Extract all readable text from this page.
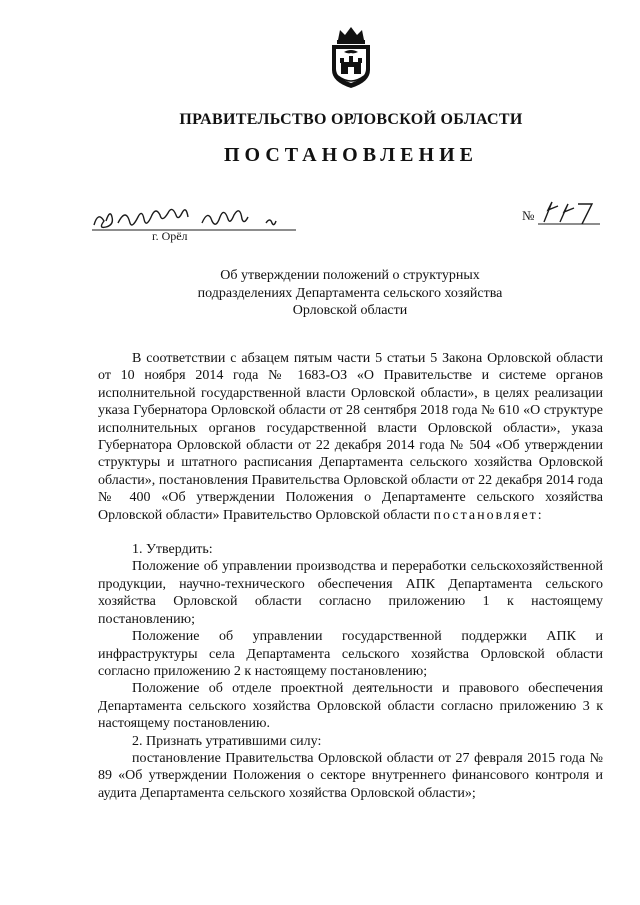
ПРАВИТЕЛЬСТВО ОРЛОВСКОЙ ОБЛАСТИ
ПОСТАНОВЛЕНИЕ
г. Орёл
№
Об утверждении положений о структурных
подразделениях Департамента сельского хозяйства
Орловской области

В соответствии с абзацем пятым части 5 статьи 5 Закона Орловской области от 10 ноября 2014 года № 1683-ОЗ «О Правительстве и системе органов исполнительной государственной власти Орловской области», в целях реализации указа Губернатора Орловской области от 28 сентября 2018 года № 610 «О структуре исполнительных органов государственной власти Орловской области», указа Губернатора Орловской области от 22 декабря 2014 года № 504 «Об утверждении структуры и штатного расписания Департамента сельского хозяйства Орловской области», постановления Правительства Орловской области от 22 декабря 2014 года № 400 «Об утверждении Положения о Департаменте сельского хозяйства Орловской области» Правительство Орловской области постановляет:

1. Утвердить:

Положение об управлении производства и переработки сельскохозяйственной продукции, научно-технического обеспечения АПК Департамента сельского хозяйства Орловской области согласно приложению 1 к настоящему постановлению;

Положение об управлении государственной поддержки АПК и инфраструктуры села Департамента сельского хозяйства Орловской области согласно приложению 2 к настоящему постановлению;

Положение об отделе проектной деятельности и правового обеспечения Департамента сельского хозяйства Орловской области согласно приложению 3 к настоящему постановлению.

2. Признать утратившими силу:

постановление Правительства Орловской области от 27 февраля 2015 года № 89 «Об утверждении Положения о секторе внутреннего финансового контроля и аудита Департамента сельского хозяйства Орловской области»;
